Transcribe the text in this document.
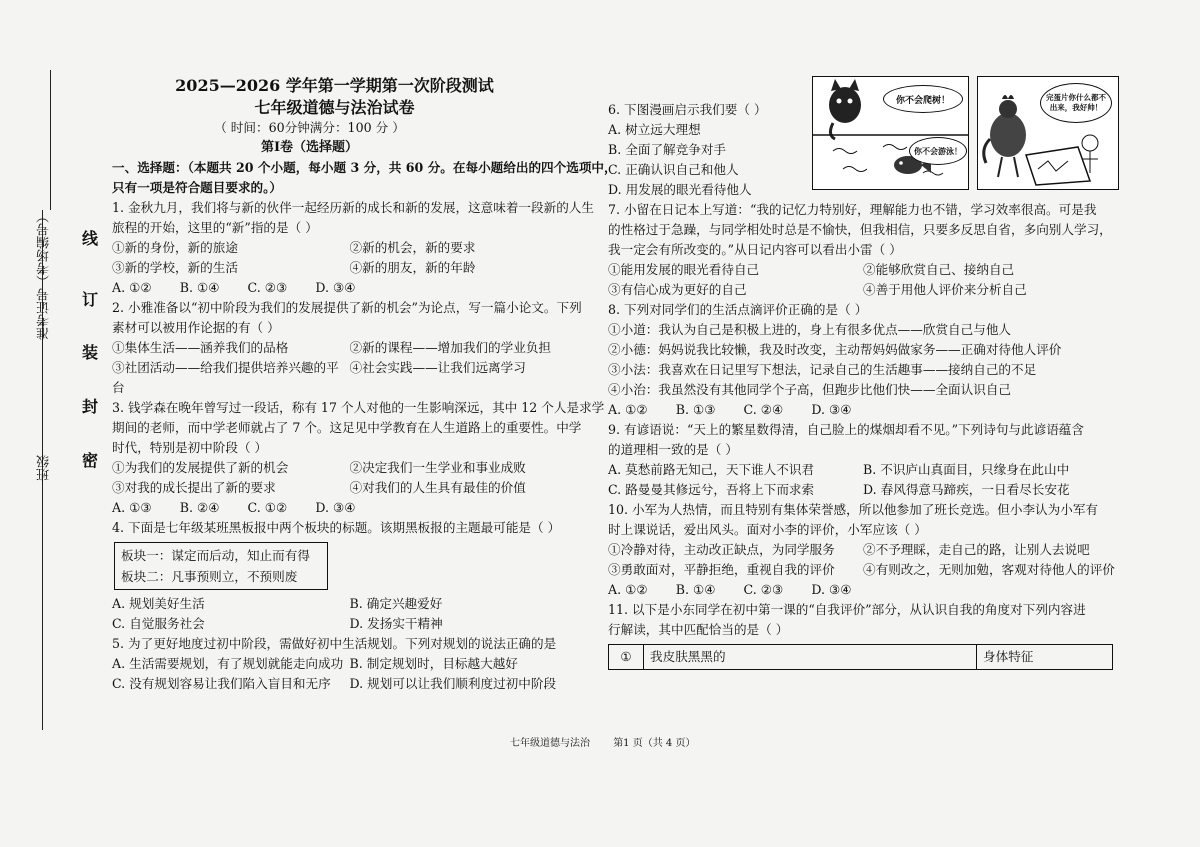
准考证号（考场编号）
班级
线
订
装
封
密
2025—2026 学年第一学期第一次阶段测试
七年级道德与法治试卷
（ 时间：60分钟满分：100 分 ）
第Ⅰ卷（选择题）
一、选择题：（本题共 20 个小题，每小题 3 分，共 60 分。在每小题给出的四个选项中，
只有一项是符合题目要求的。）
1. 金秋九月，我们将与新的伙伴一起经历新的成长和新的发展，这意味着一段新的人生
旅程的开始，这里的“新”指的是（ ）
①新的身份，新的旅途	②新的机会，新的要求
③新的学校，新的生活	④新的朋友，新的年龄
A. ①② B. ①④ C. ②③ D. ③④
2. 小雅准备以“初中阶段为我们的发展提供了新的机会”为论点，写一篇小论文。下列
素材可以被用作论据的有（ ）
①集体生活——涵养我们的品格	②新的课程——增加我们的学业负担
③社团活动——给我们提供培养兴趣的平台
④社会实践——让我们远离学习
3. 钱学森在晚年曾写过一段话，称有 17 个人对他的一生影响深远，其中 12 个人是求学
期间的老师，而中学老师就占了 7 个。这足见中学教育在人生道路上的重要性。中学
时代，特别是初中阶段（ ）
①为我们的发展提供了新的机会	②决定我们一生学业和事业成败
③对我的成长提出了新的要求	④对我们的人生具有最佳的价值
A. ①③ B. ②④ C. ①② D. ③④
4. 下面是七年级某班黑板报中两个板块的标题。该期黑板报的主题最可能是（ ）
板块一：谋定而后动，知止而有得
板块二：凡事预则立，不预则废
A. 规划美好生活	B. 确定兴趣爱好
C. 自觉服务社会	D. 发扬实干精神
5. 为了更好地度过初中阶段，需做好初中生活规划。下列对规划的说法正确的是
A. 生活需要规划，有了规划就能走向成功 B. 制定规划时，目标越大越好
C. 没有规划容易让我们陷入盲目和无序	D. 规划可以让我们顺利度过初中阶段
你不会爬树！
你不会游泳！
完蛋片你什么都不出来，我好帅！
6. 下图漫画启示我们要（ ）
A. 树立远大理想
B. 全面了解竞争对手
C. 正确认识自己和他人
D. 用发展的眼光看待他人
7. 小留在日记本上写道：“我的记忆力特别好，理解能力也不错，学习效率很高。可是我
的性格过于急躁，与同学相处时总是不愉快，但我相信，只要多反思自省，多向别人学习，
我一定会有所改变的。”从日记内容可以看出小雷（ ）
①能用发展的眼光看待自己	②能够欣赏自己、接纳自己
③有信心成为更好的自己	④善于用他人评价来分析自己
8. 下列对同学们的生活点滴评价正确的是（ ）
①小道：我认为自己是积极上进的，身上有很多优点——欣赏自己与他人
②小德：妈妈说我比较懒，我及时改变，主动帮妈妈做家务——正确对待他人评价
③小法：我喜欢在日记里写下想法，记录自己的生活趣事——接纳自己的不足
④小治：我虽然没有其他同学个子高，但跑步比他们快——全面认识自己
A. ①② B. ①③ C. ②④ D. ③④
9. 有谚语说：“天上的繁星数得清，自己脸上的煤烟却看不见。”下列诗句与此谚语蕴含
的道理相一致的是（ ）
A. 莫愁前路无知己，天下谁人不识君	B. 不识庐山真面目，只缘身在此山中
C. 路曼曼其修远兮，吾将上下而求索	D. 春风得意马蹄疾，一日看尽长安花
10. 小军为人热情，而且特别有集体荣誉感，所以他参加了班长竞选。但小李认为小军有
时上课说话，爱出风头。面对小李的评价，小军应该（ ）
①冷静对待，主动改正缺点，为同学服务	②不予理睬，走自己的路，让别人去说吧
③勇敢面对，平静拒绝，重视自我的评价	④有则改之，无则加勉，客观对待他人的评价
A. ①② B. ①④ C. ②③ D. ③④
11. 以下是小东同学在初中第一课的“自我评价”部分，从认识自我的角度对下列内容进
行解读，其中匹配恰当的是（ ）
①	我皮肤黑黑的	身体特征
七年级道德与法治 第1 页（共 4 页）
